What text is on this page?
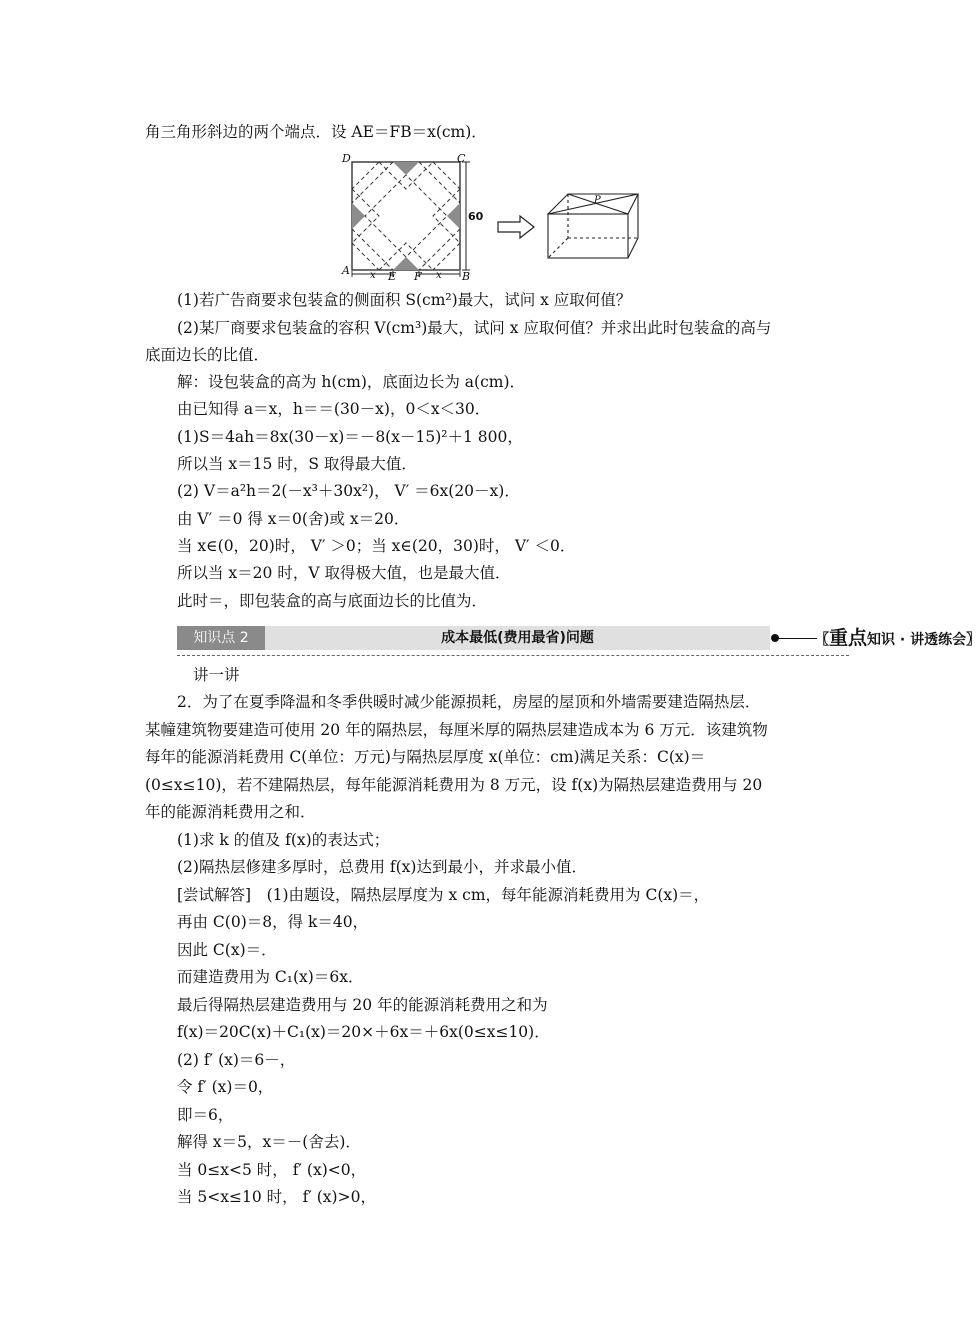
角三角形斜边的两个端点．设 AE＝FB＝x(cm)．
D	C
A	B
E F
x	x
P
60
(1)若广告商要求包装盒的侧面积 S(cm²)最大，试问 x 应取何值？
(2)某厂商要求包装盒的容积 V(cm³)最大，试问 x 应取何值？并求出此时包装盒的高与
底面边长的比值．
解：设包装盒的高为 h(cm)，底面边长为 a(cm)．
由已知得 a＝x，h＝＝(30－x)，0＜x＜30．
(1)S＝4ah＝8x(30－x)＝－8(x－15)²＋1 800，
所以当 x＝15 时，S 取得最大值．
(2) V＝a²h＝2(－x³＋30x²)， V′ ＝6x(20－x)．
由 V′ ＝0 得 x＝0(舍)或 x＝20．
当 x∈(0，20)时， V′ ＞0；当 x∈(20，30)时， V′ ＜0．
所以当 x＝20 时，V 取得极大值，也是最大值．
此时＝，即包装盒的高与底面边长的比值为．
知识点 2	成本最低(费用最省)问题	〖重点知识 · 讲透练会〗
讲一讲
2．为了在夏季降温和冬季供暖时减少能源损耗，房屋的屋顶和外墙需要建造隔热层．
某幢建筑物要建造可使用 20 年的隔热层，每厘米厚的隔热层建造成本为 6 万元．该建筑物
每年的能源消耗费用 C(单位：万元)与隔热层厚度 x(单位：cm)满足关系：C(x)＝
(0≤x≤10)，若不建隔热层，每年能源消耗费用为 8 万元，设 f(x)为隔热层建造费用与 20
年的能源消耗费用之和．
(1)求 k 的值及 f(x)的表达式；
(2)隔热层修建多厚时，总费用 f(x)达到最小，并求最小值．
[尝试解答]　(1)由题设，隔热层厚度为 x cm，每年能源消耗费用为 C(x)＝，
再由 C(0)＝8，得 k＝40，
因此 C(x)＝．
而建造费用为 C₁(x)＝6x．
最后得隔热层建造费用与 20 年的能源消耗费用之和为
f(x)＝20C(x)＋C₁(x)＝20×＋6x＝＋6x(0≤x≤10)．
(2) f′ (x)＝6－，
令 f′ (x)＝0，
即＝6，
解得 x＝5，x＝－(舍去)．
当 0≤x<5 时， f′ (x)<0，
当 5<x≤10 时， f′ (x)>0，
